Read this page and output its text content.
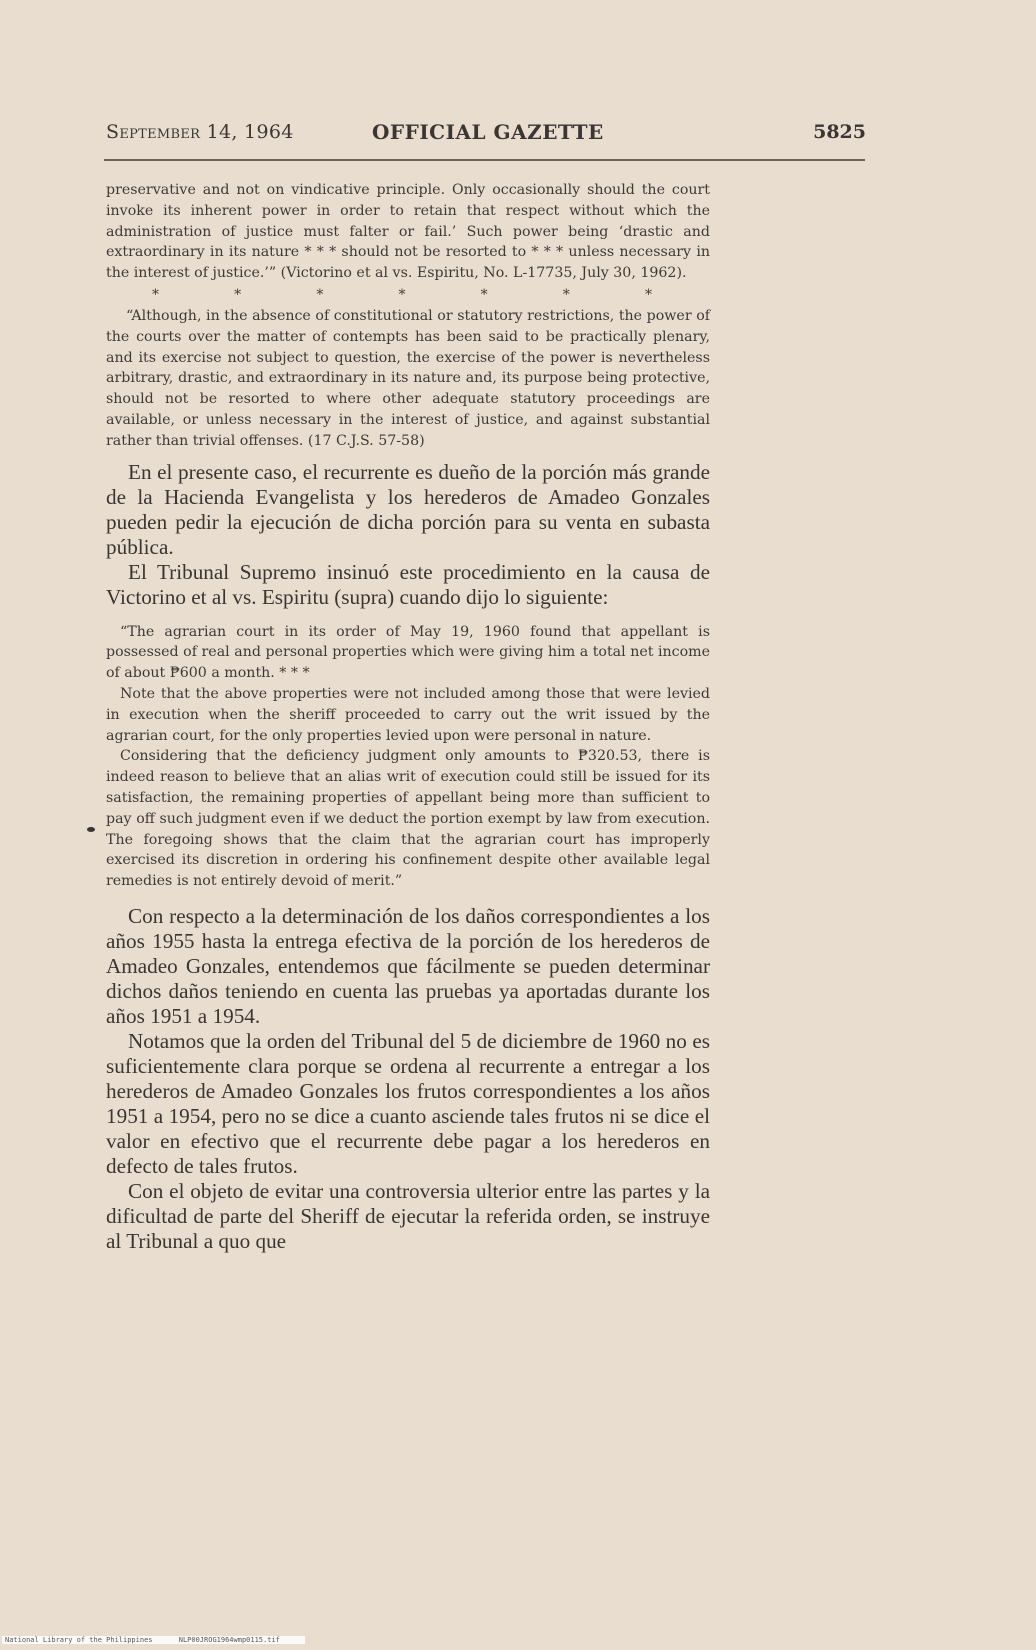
September 14, 1964	OFFICIAL GAZETTE	5825

preservative and not on vindicative principle. Only occasionally should the court invoke its inherent power in order to retain that respect without which the administration of justice must falter or fail.’ Such power being ‘drastic and extraordinary in its nature * * * should not be resorted to * * * unless necessary in the interest of justice.’” (Victorino et al vs. Espiritu, No. L-17735, July 30, 1962).

*	*	*	*	*	*	*

“Although, in the absence of constitutional or statutory restrictions, the power of the courts over the matter of contempts has been said to be practically plenary, and its exercise not subject to question, the exercise of the power is nevertheless arbitrary, drastic, and extraordinary in its nature and, its purpose being protective, should not be resorted to where other adequate statutory proceedings are available, or unless necessary in the interest of justice, and against substantial rather than trivial offenses. (17 C.J.S. 57-58)

En el presente caso, el recurrente es dueño de la porción más grande de la Hacienda Evangelista y los herederos de Amadeo Gonzales pueden pedir la ejecución de dicha porción para su venta en subasta pública.

El Tribunal Supremo insinuó este procedimiento en la causa de Victorino et al vs. Espiritu (supra) cuando dijo lo siguiente:

“The agrarian court in its order of May 19, 1960 found that appellant is possessed of real and personal properties which were giving him a total net income of about ₱600 a month. * * *

Note that the above properties were not included among those that were levied in execution when the sheriff proceeded to carry out the writ issued by the agrarian court, for the only properties levied upon were personal in nature.

Considering that the deficiency judgment only amounts to ₱320.53, there is indeed reason to believe that an alias writ of execution could still be issued for its satisfaction, the remaining properties of appellant being more than sufficient to pay off such judgment even if we deduct the portion exempt by law from execution. The foregoing shows that the claim that the agrarian court has improperly exercised its discretion in ordering his confinement despite other available legal remedies is not entirely devoid of merit.”

Con respecto a la determinación de los daños correspondientes a los años 1955 hasta la entrega efectiva de la porción de los herederos de Amadeo Gonzales, entendemos que fácilmente se pueden determinar dichos daños teniendo en cuenta las pruebas ya aportadas durante los años 1951 a 1954.

Notamos que la orden del Tribunal del 5 de diciembre de 1960 no es suficientemente clara porque se ordena al recurrente a entregar a los herederos de Amadeo Gonzales los frutos correspondientes a los años 1951 a 1954, pero no se dice a cuanto asciende tales frutos ni se dice el valor en efectivo que el recurrente debe pagar a los herederos en defecto de tales frutos.

Con el objeto de evitar una controversia ulterior entre las partes y la dificultad de parte del Sheriff de ejecutar la referida orden, se instruye al Tribunal a quo que

National Library of the Philippines	NLP00JROG1964wmp0115.tif
